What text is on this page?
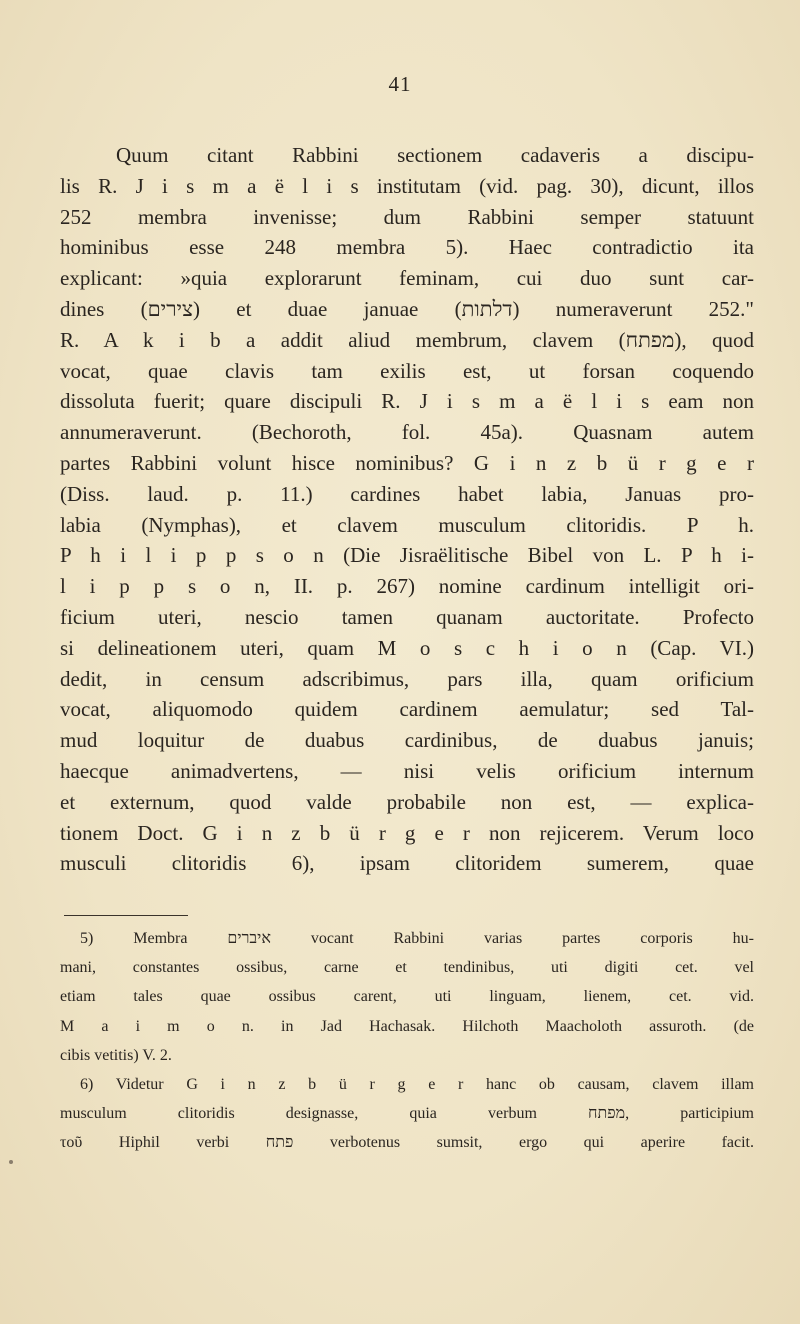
41
Quum citant Rabbini sectionem cadaveris a discipu-
lis R. J i s m a ë l i s institutam (vid. pag. 30), dicunt, illos
252 membra invenisse; dum Rabbini semper statuunt
hominibus esse 248 membra 5). Haec contradictio ita
explicant: »quia explorarunt feminam, cui duo sunt car-
dines (צירים) et duae januae (דלתות) numeraverunt 252."
R. A k i b a addit aliud membrum, clavem (מפתח), quod
vocat, quae clavis tam exilis est, ut forsan coquendo
dissoluta fuerit; quare discipuli R. J i s m a ë l i s eam non
annumeraverunt. (Bechoroth, fol. 45a). Quasnam autem
partes Rabbini volunt hisce nominibus? G i n z b ü r g e r
(Diss. laud. p. 11.) cardines habet labia, Januas pro-
labia (Nymphas), et clavem musculum clitoridis. P h.
P h i l i p p s o n (Die Jisraëlitische Bibel von L. P h i-
l i p p s o n, II. p. 267) nomine cardinum intelligit ori-
ficium uteri, nescio tamen quanam auctoritate. Profecto
si delineationem uteri, quam M o s c h i o n (Cap. VI.)
dedit, in censum adscribimus, pars illa, quam orificium
vocat, aliquomodo quidem cardinem aemulatur; sed Tal-
mud loquitur de duabus cardinibus, de duabus januis;
haecque animadvertens, — nisi velis orificium internum
et externum, quod valde probabile non est, — explica-
tionem Doct. G i n z b ü r g e r non rejicerem. Verum loco
musculi clitoridis 6), ipsam clitoridem sumerem, quae
5) Membra איברים vocant Rabbini varias partes corporis hu-
mani, constantes ossibus, carne et tendinibus, uti digiti cet. vel
etiam tales quae ossibus carent, uti linguam, lienem, cet. vid.
M a i m o n. in Jad Hachasak. Hilchoth Maacholoth assuroth. (de
cibis vetitis) V. 2.
6) Videtur G i n z b ü r g e r hanc ob causam, clavem illam
musculum clitoridis designasse, quia verbum מפתח, participium
τοῦ Hiphil verbi פתח verbotenus sumsit, ergo qui aperire facit.
